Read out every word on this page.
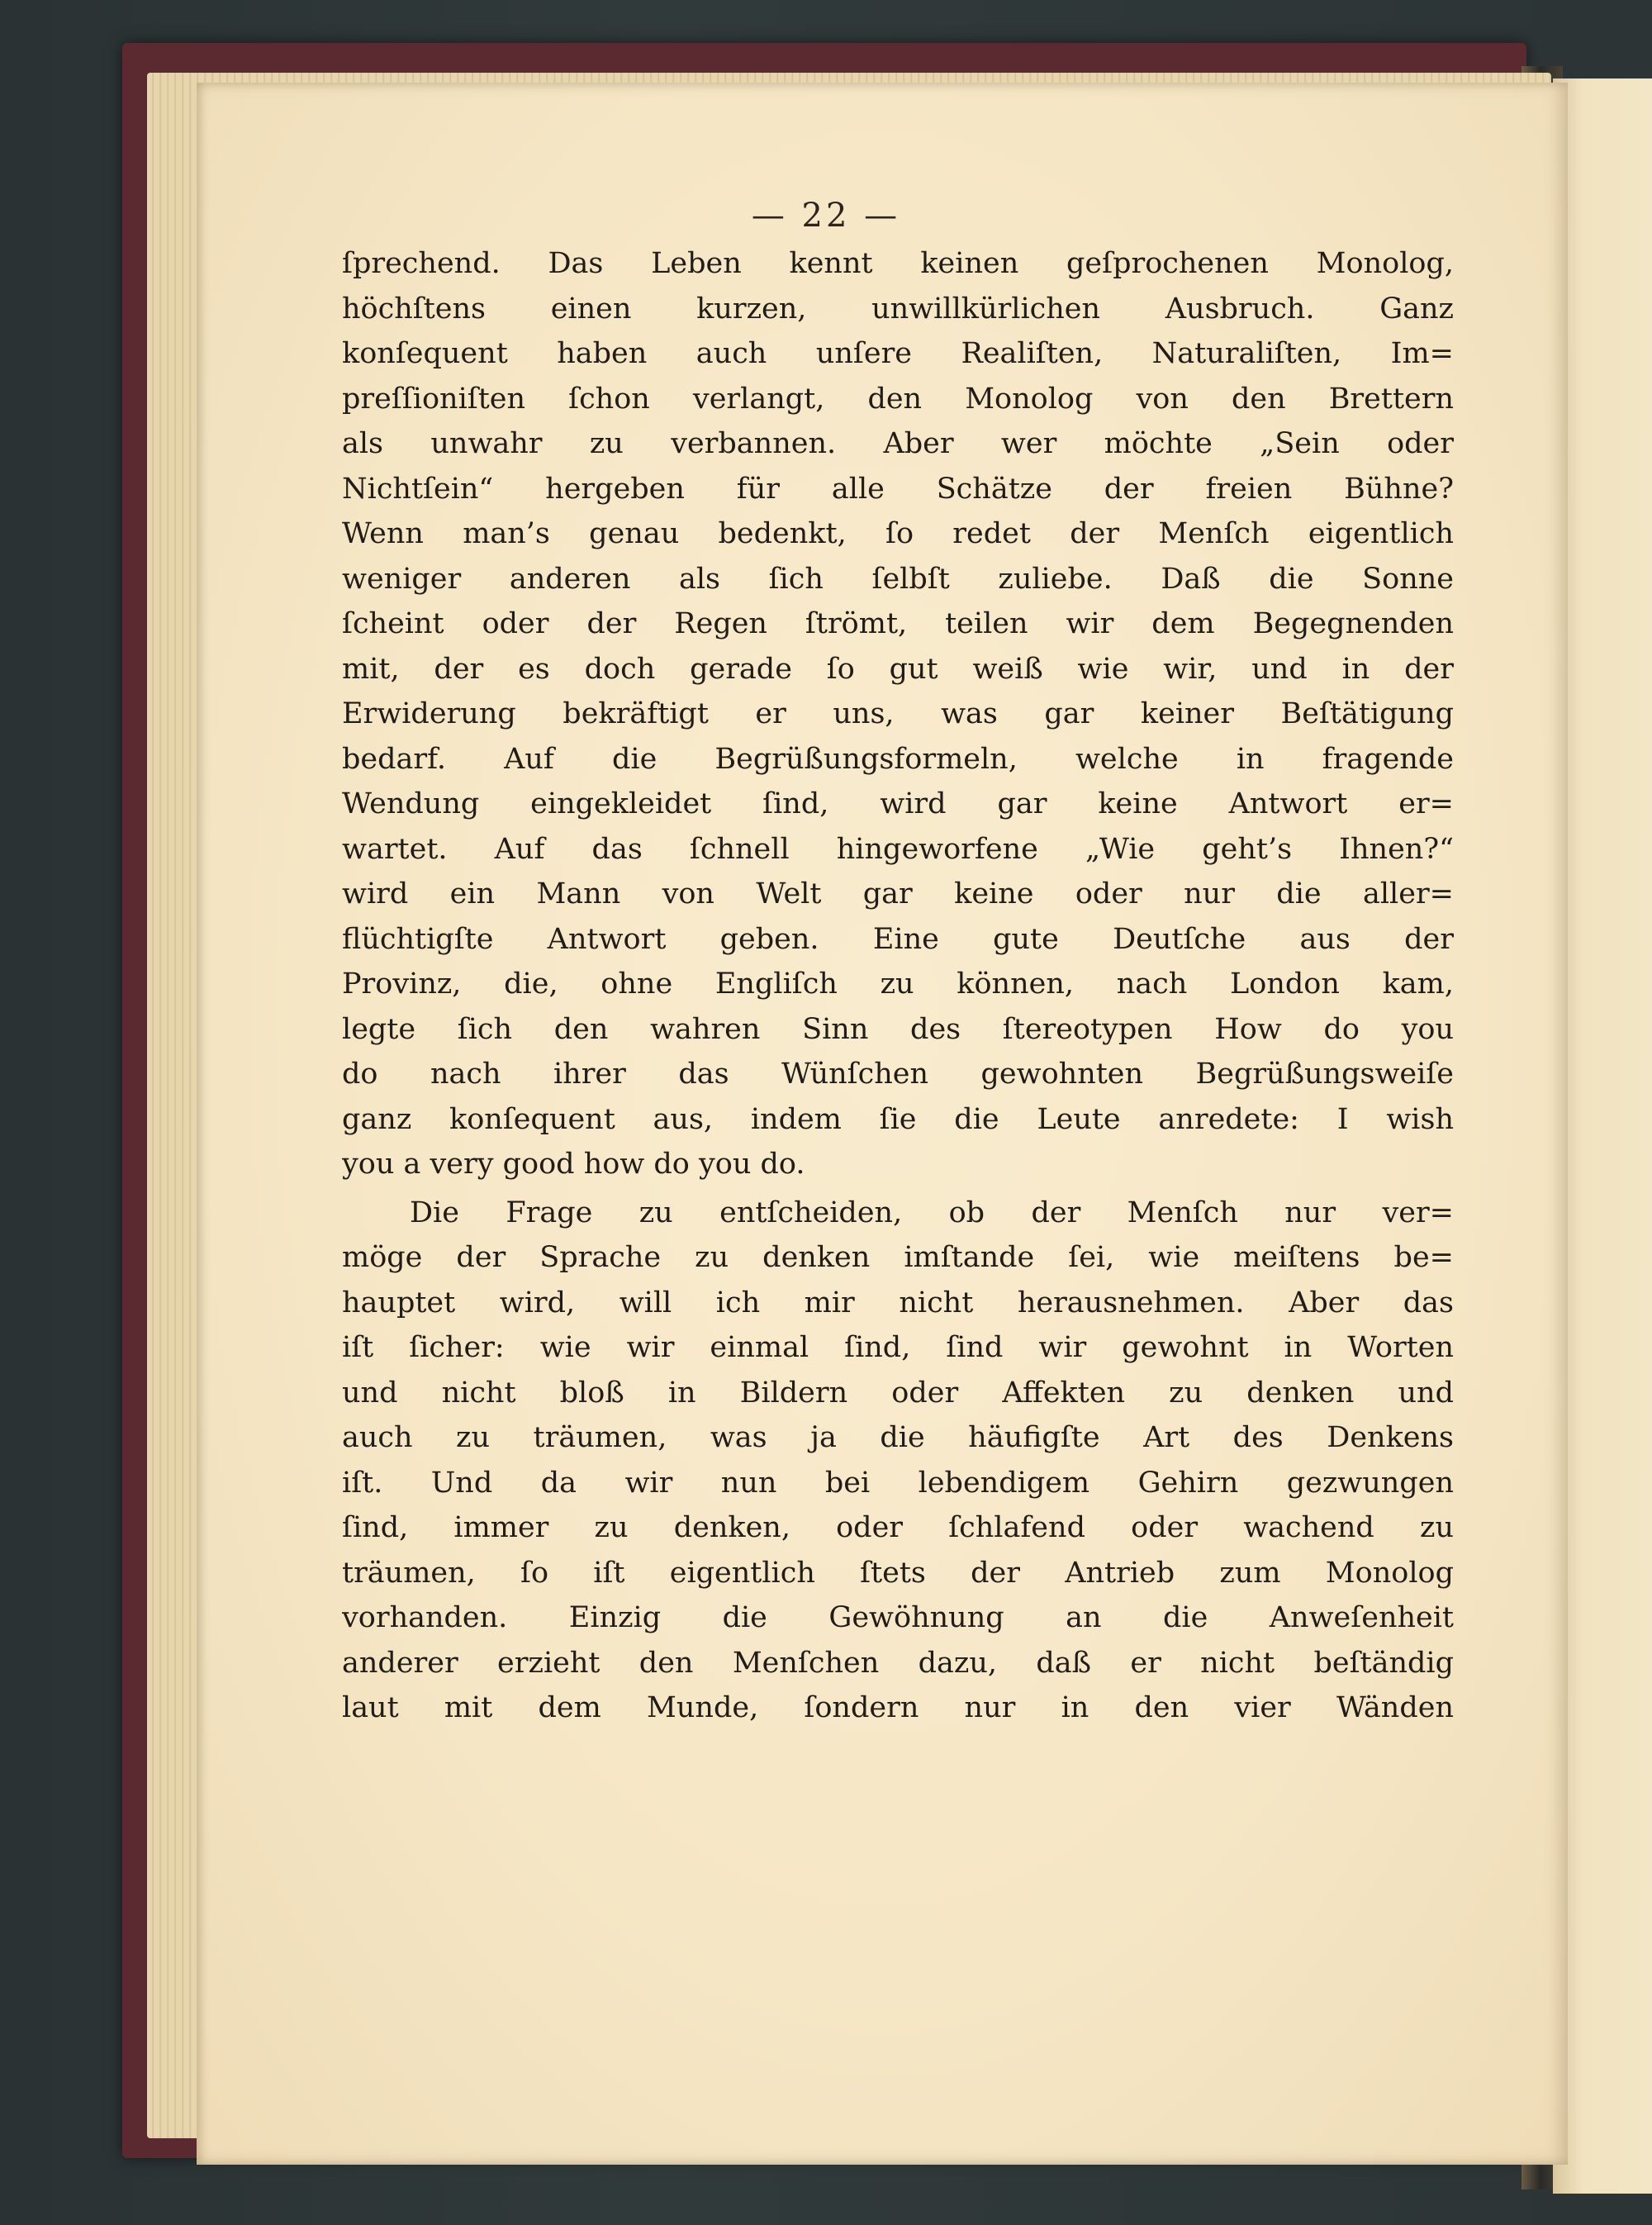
— 22 —
ſprechend. Das Leben kennt keinen geſprochenen Monolog,
höchſtens einen kurzen, unwillkürlichen Ausbruch. Ganz
konſequent haben auch unſere Realiſten, Naturaliſten, Im=
preſſioniſten ſchon verlangt, den Monolog von den Brettern
als unwahr zu verbannen. Aber wer möchte „Sein oder
Nichtſein“ hergeben für alle Schätze der freien Bühne?
Wenn man’s genau bedenkt, ſo redet der Menſch eigentlich
weniger anderen als ſich ſelbſt zuliebe. Daß die Sonne
ſcheint oder der Regen ſtrömt, teilen wir dem Begegnenden
mit, der es doch gerade ſo gut weiß wie wir, und in der
Erwiderung bekräftigt er uns, was gar keiner Beſtätigung
bedarf. Auf die Begrüßungsformeln, welche in fragende
Wendung eingekleidet ſind, wird gar keine Antwort er=
wartet. Auf das ſchnell hingeworfene „Wie geht’s Ihnen?“
wird ein Mann von Welt gar keine oder nur die aller=
flüchtigſte Antwort geben. Eine gute Deutſche aus der
Provinz, die, ohne Engliſch zu können, nach London kam,
legte ſich den wahren Sinn des ſtereotypen How do you
do nach ihrer das Wünſchen gewohnten Begrüßungsweiſe
ganz konſequent aus, indem ſie die Leute anredete: I wish
you a very good how do you do.
Die Frage zu entſcheiden, ob der Menſch nur ver=
möge der Sprache zu denken imſtande ſei, wie meiſtens be=
hauptet wird, will ich mir nicht herausnehmen. Aber das
iſt ſicher: wie wir einmal ſind, ſind wir gewohnt in Worten
und nicht bloß in Bildern oder Affekten zu denken und
auch zu träumen, was ja die häufigſte Art des Denkens
iſt. Und da wir nun bei lebendigem Gehirn gezwungen
ſind, immer zu denken, oder ſchlafend oder wachend zu
träumen, ſo iſt eigentlich ſtets der Antrieb zum Monolog
vorhanden. Einzig die Gewöhnung an die Anweſenheit
anderer erzieht den Menſchen dazu, daß er nicht beſtändig
laut mit dem Munde, ſondern nur in den vier Wänden
